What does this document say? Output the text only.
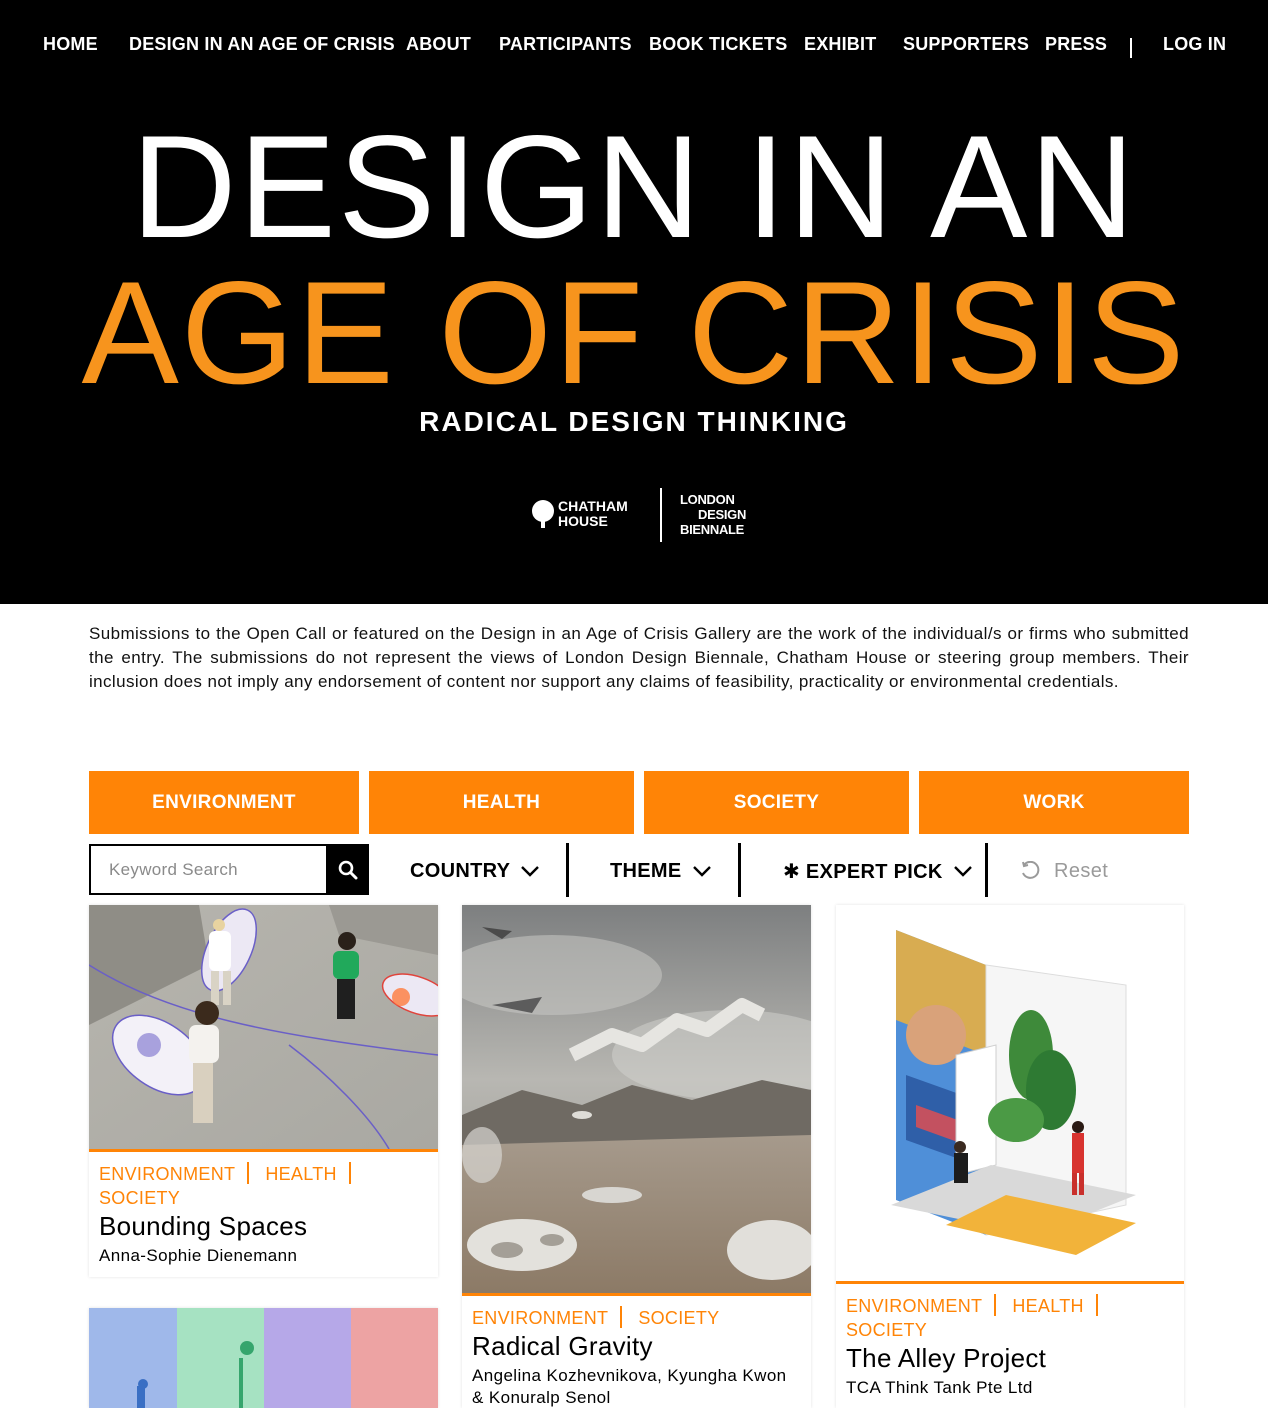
HOME DESIGN IN AN AGE OF CRISIS ABOUT PARTICIPANTS BOOK TICKETS EXHIBIT SUPPORTERS PRESS	LOG IN
DESIGN IN AN
AGE OF CRISIS
RADICAL DESIGN THINKING
CHATHAM
HOUSE
LONDON
DESIGN
BIENNALE

Submissions to the Open Call or featured on the Design in an Age of Crisis Gallery are the work of the individual/s or firms who submitted the entry. The submissions do not represent the views of London Design Biennale, Chatham House or steering group members. Their inclusion does not imply any endorsement of content nor support any claims of feasibility, practicality or environmental credentials.

ENVIRONMENT	HEALTH	SOCIETY	WORK
Keyword Search
COUNTRY	THEME	✱ EXPERT PICK	Reset
ENVIRONMENT HEALTHSOCIETY
Bounding Spaces
Anna-Sophie Dienemann
ENVIRONMENT SOCIETY
Radical Gravity
Angelina Kozhevnikova, Kyungha Kwon & Konuralp Senol
ENVIRONMENT HEALTHSOCIETY
The Alley Project
TCA Think Tank Pte Ltd
